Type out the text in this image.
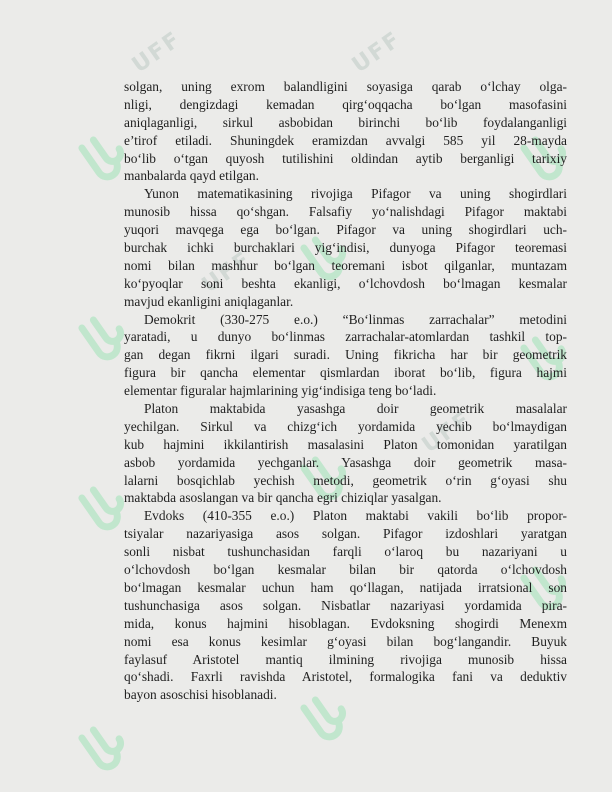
UFF	UFF
UFF
UFF
solgan, uning exrom balandligini soyasiga qarab o‘lchay olga-
nligi, dengizdagi kemadan qirg‘oqqacha bo‘lgan masofasini
aniqlaganligi, sirkul asbobidan birinchi bo‘lib foydalanganligi
e’tirof etiladi. Shuningdek eramizdan avvalgi 585 yil 28-mayda
bo‘lib o‘tgan quyosh tutilishini oldindan aytib berganligi tarixiy
manbalarda qayd etilgan.
Yunon matematikasining rivojiga Pifagor va uning shogirdlari
munosib hissa qo‘shgan. Falsafiy yo‘nalishdagi Pifagor maktabi
yuqori mavqega ega bo‘lgan. Pifagor va uning shogirdlari uch-
burchak ichki burchaklari yig‘indisi, dunyoga Pifagor teoremasi
nomi bilan mashhur bo‘lgan teoremani isbot qilganlar, muntazam
ko‘pyoqlar soni beshta ekanligi, o‘lchovdosh bo‘lmagan kesmalar
mavjud ekanligini aniqlaganlar.
Demokrit (330-275 e.o.) “Bo‘linmas zarrachalar” metodini
yaratadi, u dunyo bo‘linmas zarrachalar-atomlardan tashkil top-
gan degan fikrni ilgari suradi. Uning fikricha har bir geometrik
figura bir qancha elementar qismlardan iborat bo‘lib, figura hajmi
elementar figuralar hajmlarining yig‘indisiga teng bo‘ladi.
Platon maktabida yasashga doir geometrik masalalar
yechilgan. Sirkul va chizg‘ich yordamida yechib bo‘lmaydigan
kub hajmini ikkilantirish masalasini Platon tomonidan yaratilgan
asbob yordamida yechganlar. Yasashga doir geometrik masa-
lalarni bosqichlab yechish metodi, geometrik o‘rin g‘oyasi shu
maktabda asoslangan va bir qancha egri chiziqlar yasalgan.
Evdoks (410-355 e.o.) Platon maktabi vakili bo‘lib propor-
tsiyalar nazariyasiga asos solgan. Pifagor izdoshlari yaratgan
sonli nisbat tushunchasidan farqli o‘laroq bu nazariyani u
o‘lchovdosh bo‘lgan kesmalar bilan bir qatorda o‘lchovdosh
bo‘lmagan kesmalar uchun ham qo‘llagan, natijada irratsional son
tushunchasiga asos solgan. Nisbatlar nazariyasi yordamida pira-
mida, konus hajmini hisoblagan. Evdoksning shogirdi Menexm
nomi esa konus kesimlar g‘oyasi bilan bog‘langandir. Buyuk
faylasuf Aristotel mantiq ilmining rivojiga munosib hissa
qo‘shadi. Faxrli ravishda Aristotel, formalogika fani va deduktiv
bayon asoschisi hisoblanadi.
